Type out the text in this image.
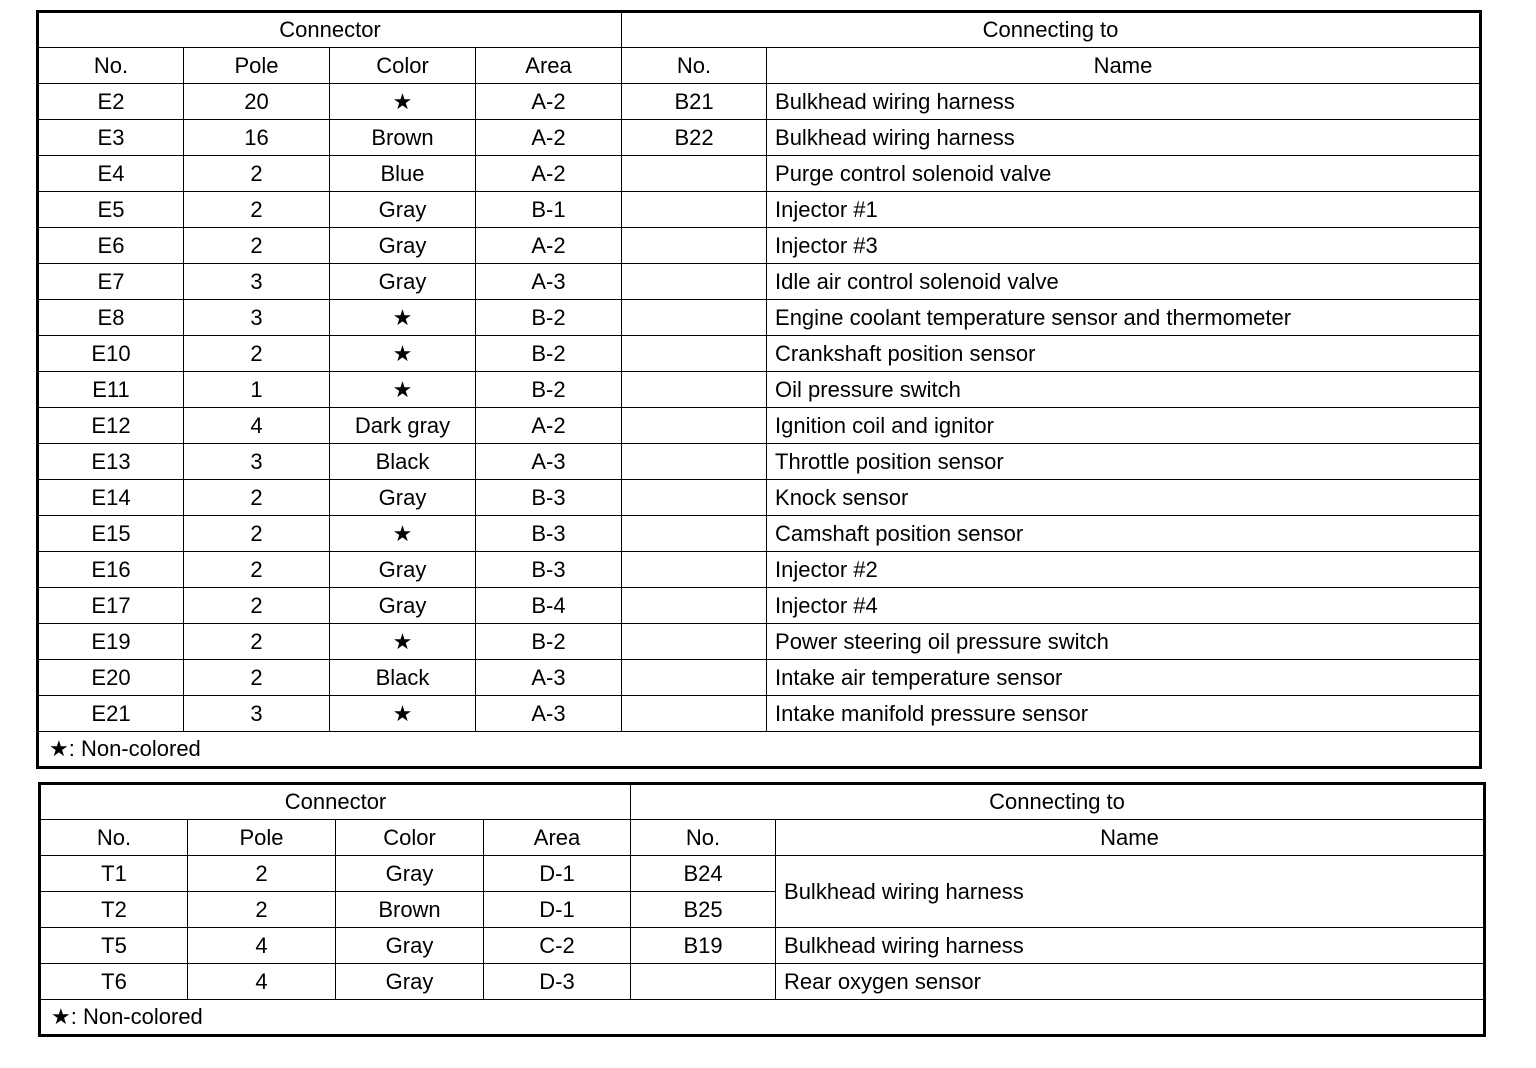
Connector				Connecting to	
No.	Pole	Color	Area	No.	Name
E2	20	★	A-2	B21	Bulkhead wiring harness
E3	16	Brown	A-2	B22	Bulkhead wiring harness
E4	2	Blue	A-2		Purge control solenoid valve
E5	2	Gray	B-1		Injector #1
E6	2	Gray	A-2		Injector #3
E7	3	Gray	A-3		Idle air control solenoid valve
E8	3	★	B-2		Engine coolant temperature sensor and thermometer
E10	2	★	B-2		Crankshaft position sensor
E11	1	★	B-2		Oil pressure switch
E12	4	Dark gray	A-2		Ignition coil and ignitor
E13	3	Black	A-3		Throttle position sensor
E14	2	Gray	B-3		Knock sensor
E15	2	★	B-3		Camshaft position sensor
E16	2	Gray	B-3		Injector #2
E17	2	Gray	B-4		Injector #4
E19	2	★	B-2		Power steering oil pressure switch
E20	2	Black	A-3		Intake air temperature sensor
E21	3	★	A-3		Intake manifold pressure sensor
★: Non-colored					
Connector				Connecting to	
No.	Pole	Color	Area	No.	Name
T1	2	Gray	D-1	B24	Bulkhead wiring harness
T2	2	Brown	D-1	B25	
T5	4	Gray	C-2	B19	Bulkhead wiring harness
T6	4	Gray	D-3		Rear oxygen sensor
★: Non-colored					
